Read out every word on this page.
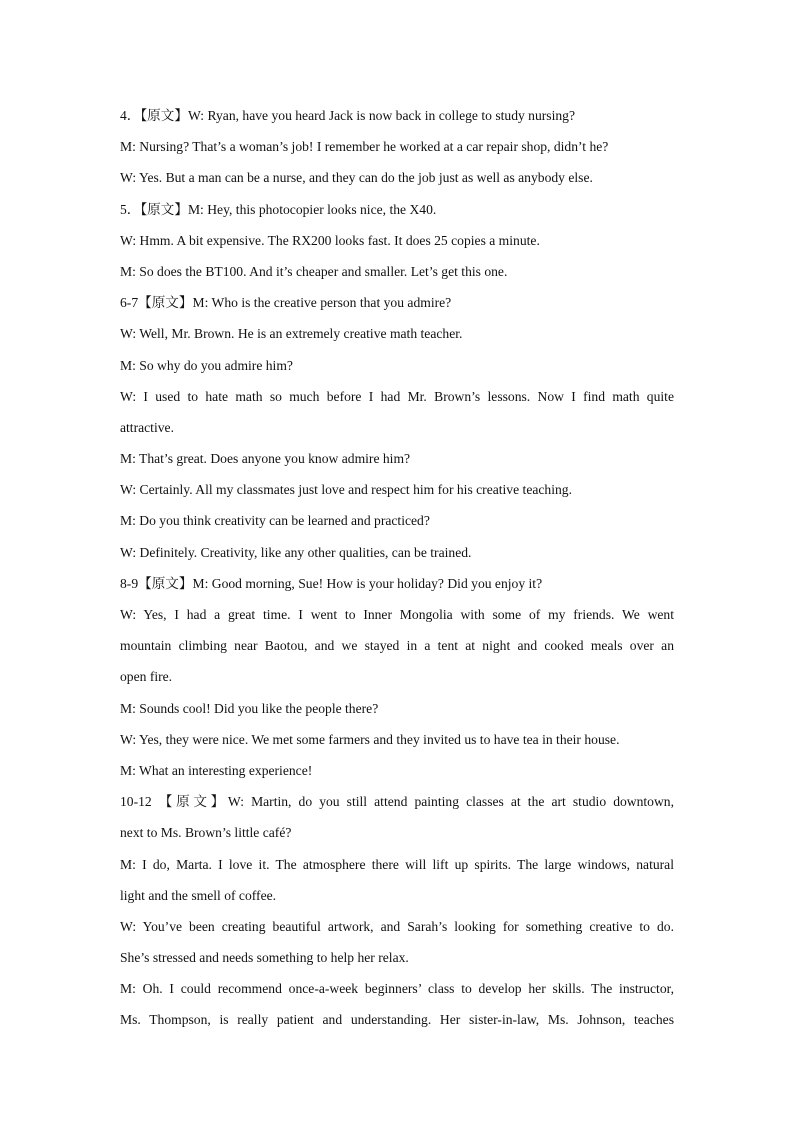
4．【原文】W: Ryan, have you heard Jack is now back in college to study nursing?
M: Nursing? That’s a woman’s job! I remember he worked at a car repair shop, didn’t he?
W: Yes. But a man can be a nurse, and they can do the job just as well as anybody else.
5．【原文】M: Hey, this photocopier looks nice, the X40.
W: Hmm. A bit expensive. The RX200 looks fast. It does 25 copies a minute.
M: So does the BT100. And it’s cheaper and smaller. Let’s get this one.
6-7【原文】M: Who is the creative person that you admire?
W: Well, Mr. Brown. He is an extremely creative math teacher.
M: So why do you admire him?
W: I used to hate math so much before I had Mr. Brown’s lessons. Now I find math quite
attractive.
M: That’s great. Does anyone you know admire him?
W: Certainly. All my classmates just love and respect him for his creative teaching.
M: Do you think creativity can be learned and practiced?
W: Definitely. Creativity, like any other qualities, can be trained.
8-9【原文】M: Good morning, Sue! How is your holiday? Did you enjoy it?
W: Yes, I had a great time. I went to Inner Mongolia with some of my friends. We went
mountain climbing near Baotou, and we stayed in a tent at night and cooked meals over an
open fire.
M: Sounds cool! Did you like the people there?
W: Yes, they were nice. We met some farmers and they invited us to have tea in their house.
M: What an interesting experience!
10-12 【原文】W: Martin, do you still attend painting classes at the art studio downtown,
next to Ms. Brown’s little café?
M: I do, Marta. I love it. The atmosphere there will lift up spirits. The large windows, natural
light and the smell of coffee.
W: You’ve been creating beautiful artwork, and Sarah’s looking for something creative to do.
She’s stressed and needs something to help her relax.
M: Oh. I could recommend once-a-week beginners’ class to develop her skills. The instructor,
Ms. Thompson, is really patient and understanding. Her sister-in-law, Ms. Johnson, teaches
